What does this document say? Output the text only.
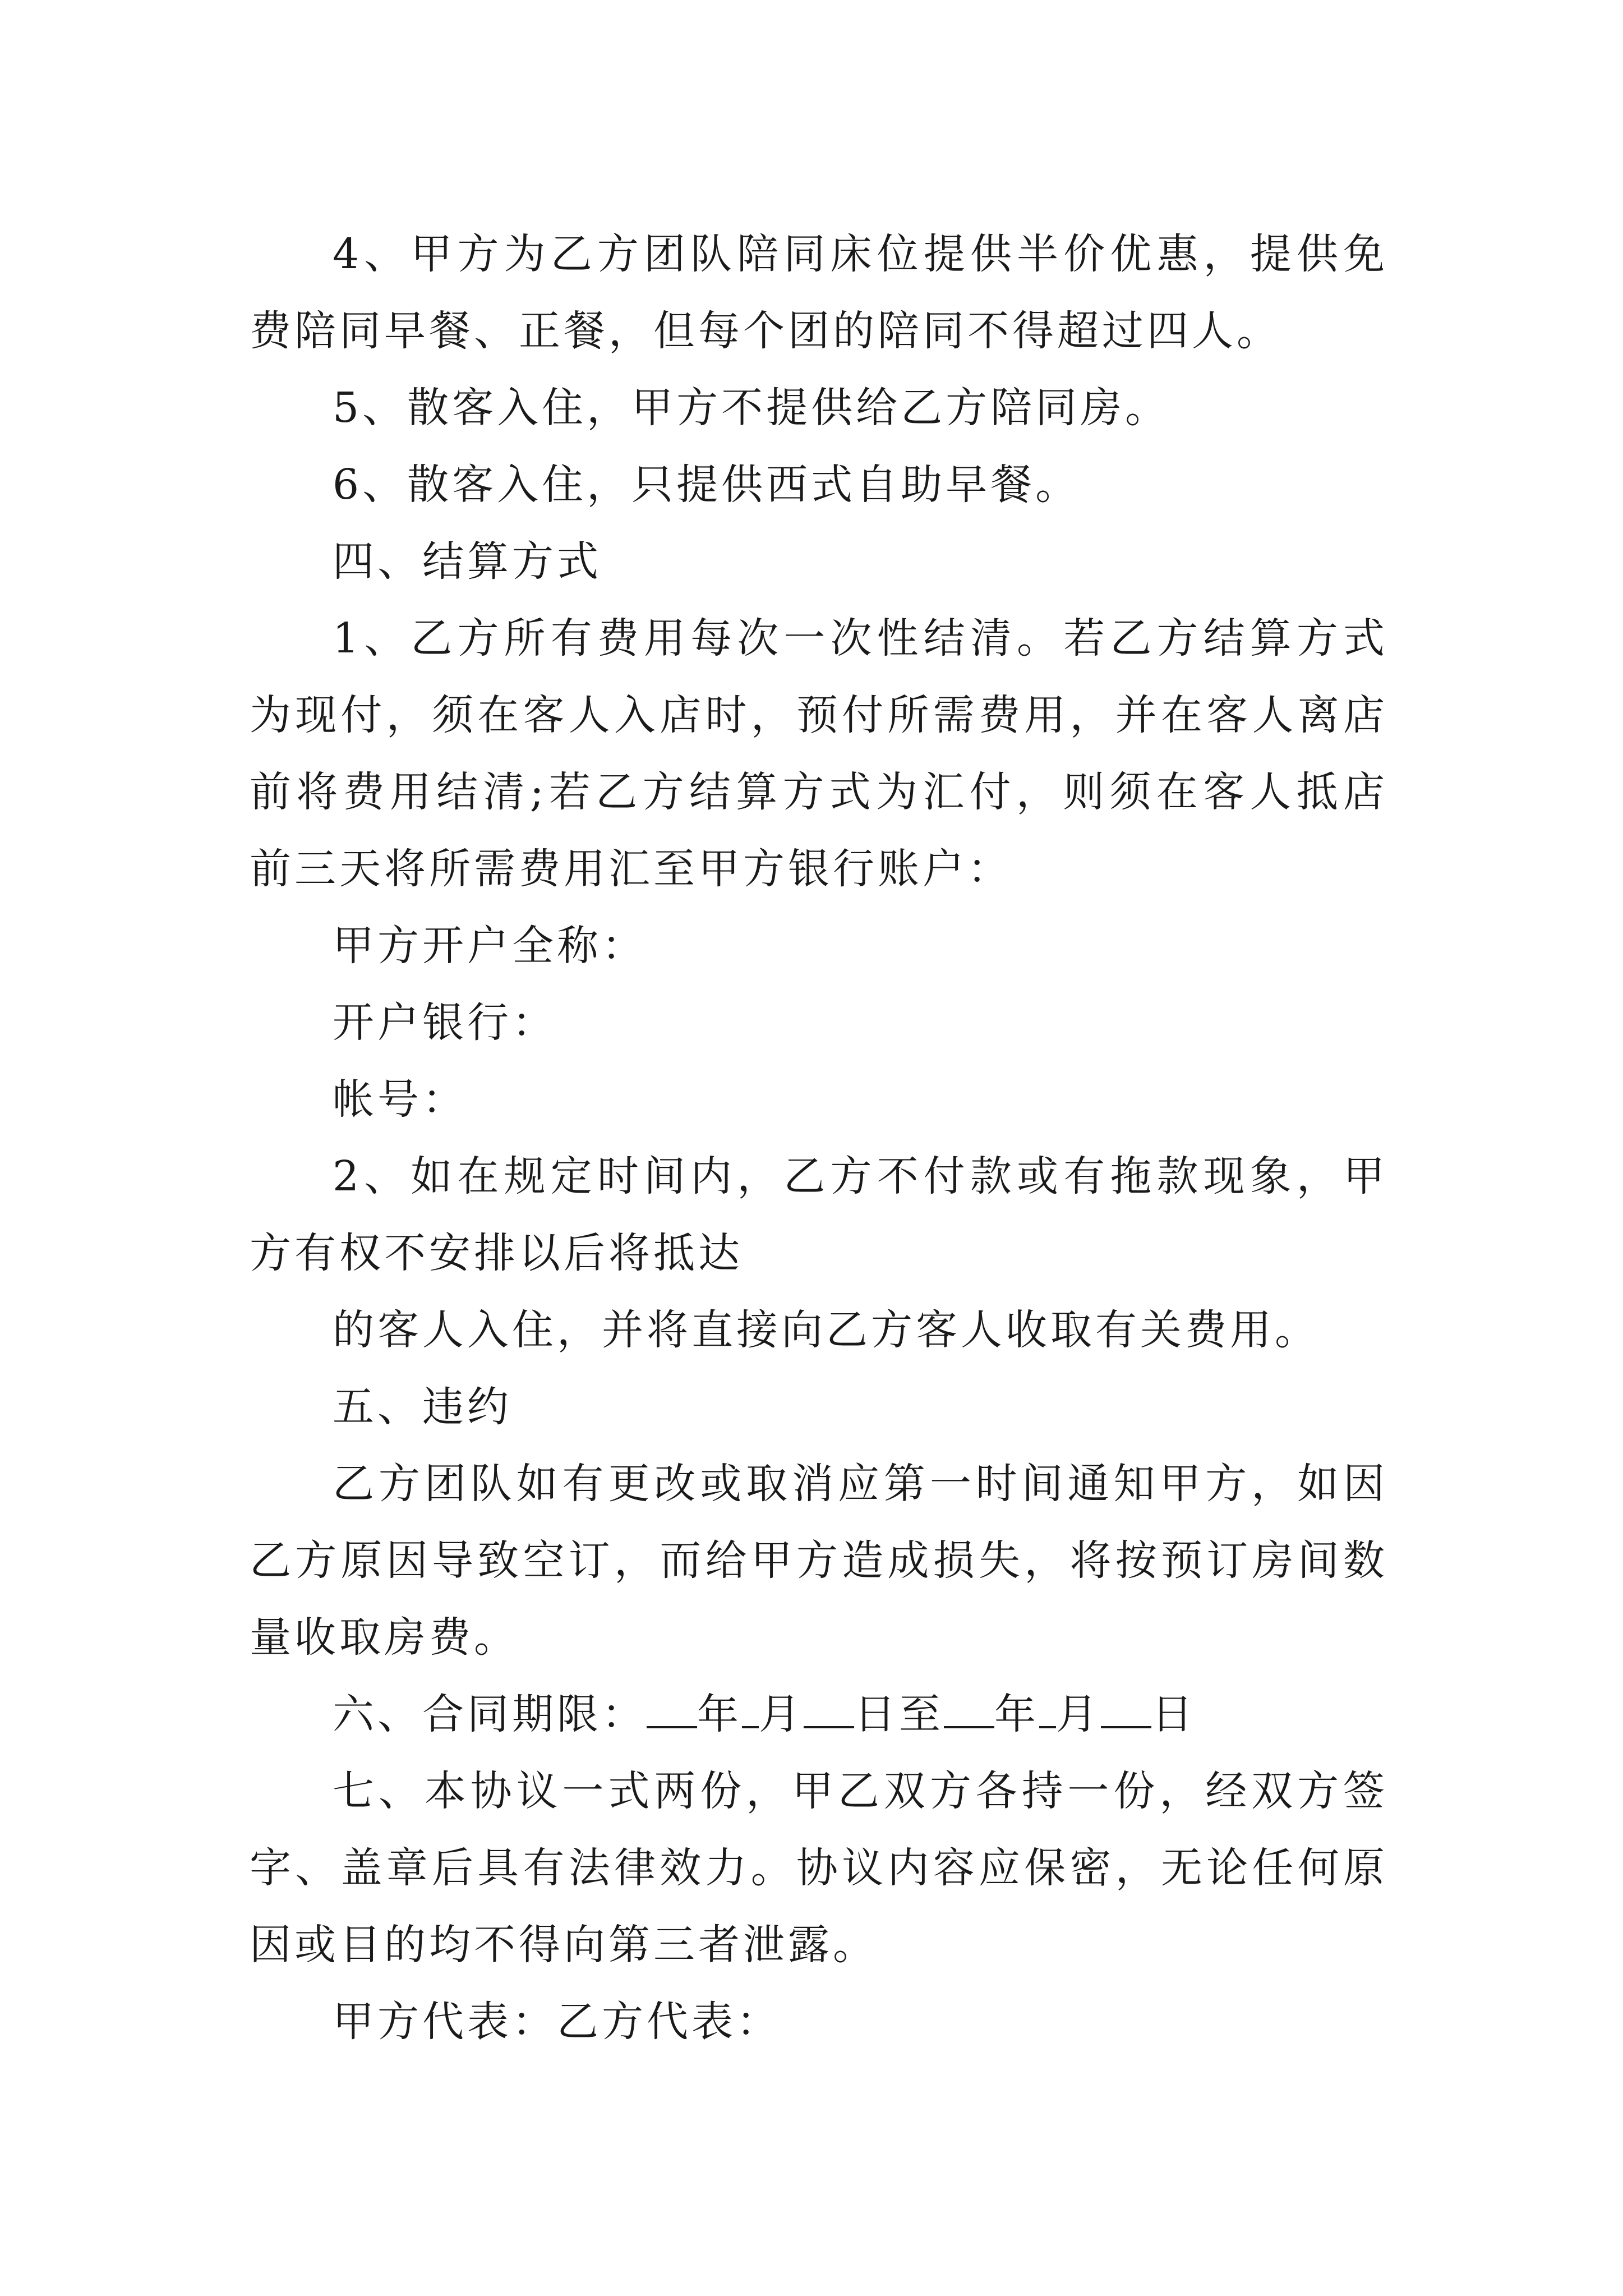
4、甲方为乙方团队陪同床位提供半价优惠，提供免费陪同早餐、正餐，但每个团的陪同不得超过四人。

5、散客入住，甲方不提供给乙方陪同房。

6、散客入住，只提供西式自助早餐。

四、结算方式

1、乙方所有费用每次一次性结清。若乙方结算方式为现付，须在客人入店时，预付所需费用，并在客人离店前将费用结清;若乙方结算方式为汇付，则须在客人抵店前三天将所需费用汇至甲方银行账户：

甲方开户全称：

开户银行：

帐号：

2、如在规定时间内，乙方不付款或有拖款现象，甲方有权不安排以后将抵达

的客人入住，并将直接向乙方客人收取有关费用。

五、违约

乙方团队如有更改或取消应第一时间通知甲方，如因乙方原因导致空订，而给甲方造成损失，将按预订房间数量收取房费。

六、合同期限： 年 月 日至 年 月 日

七、本协议一式两份，甲乙双方各持一份，经双方签字、盖章后具有法律效力。协议内容应保密，无论任何原因或目的均不得向第三者泄露。

甲方代表：乙方代表：
